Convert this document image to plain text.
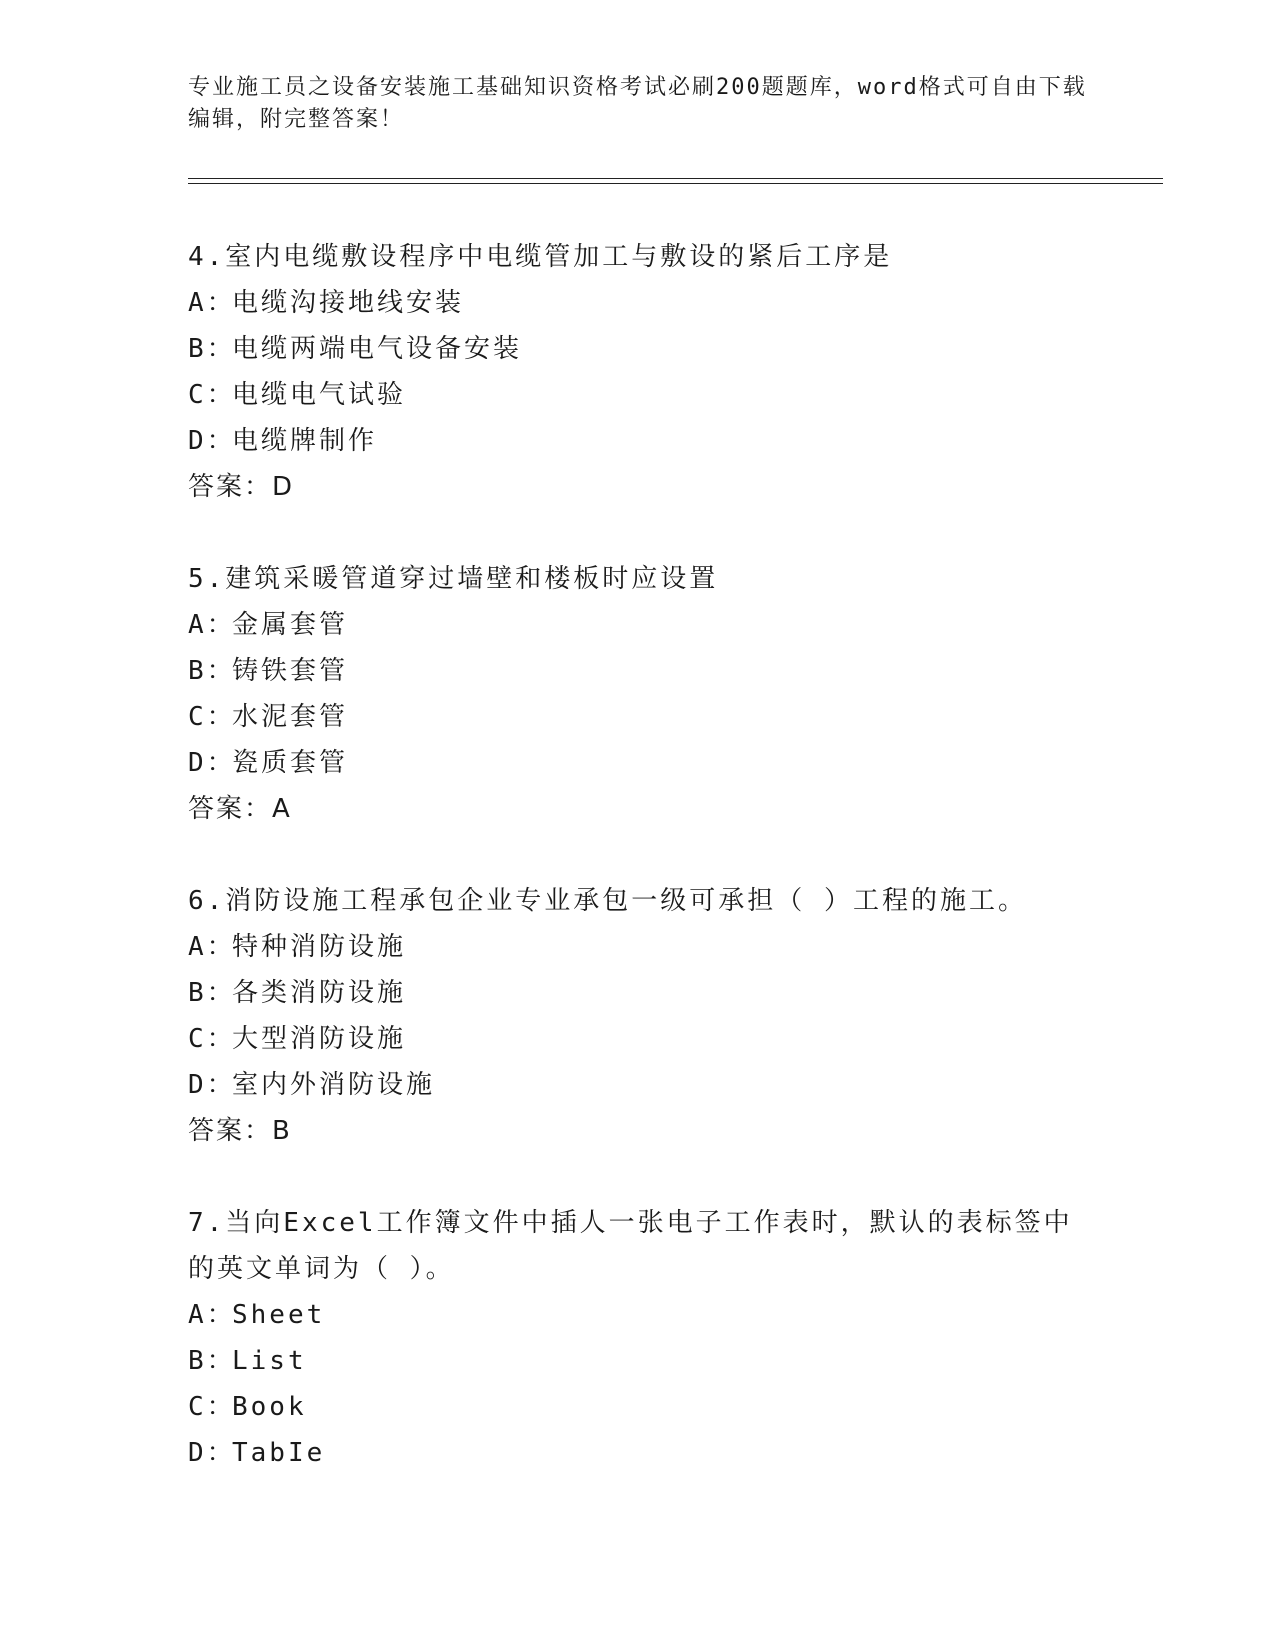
专业施工员之设备安装施工基础知识资格考试必刷200题题库，word格式可自由下载编辑，附完整答案！

4.室内电缆敷设程序中电缆管加工与敷设的紧后工序是

A：电缆沟接地线安装

B：电缆两端电气设备安装

C：电缆电气试验

D：电缆牌制作

答案：D

5.建筑采暖管道穿过墙壁和楼板时应设置

A：金属套管

B：铸铁套管

C：水泥套管

D：瓷质套管

答案：A

6.消防设施工程承包企业专业承包一级可承担（ ）工程的施工。

A：特种消防设施

B：各类消防设施

C：大型消防设施

D：室内外消防设施

答案：B

7.当向Excel工作簿文件中插人一张电子工作表时，默认的表标签中的英文单词为（ ）。

A：Sheet

B：List

C：Book

D：TabIe
